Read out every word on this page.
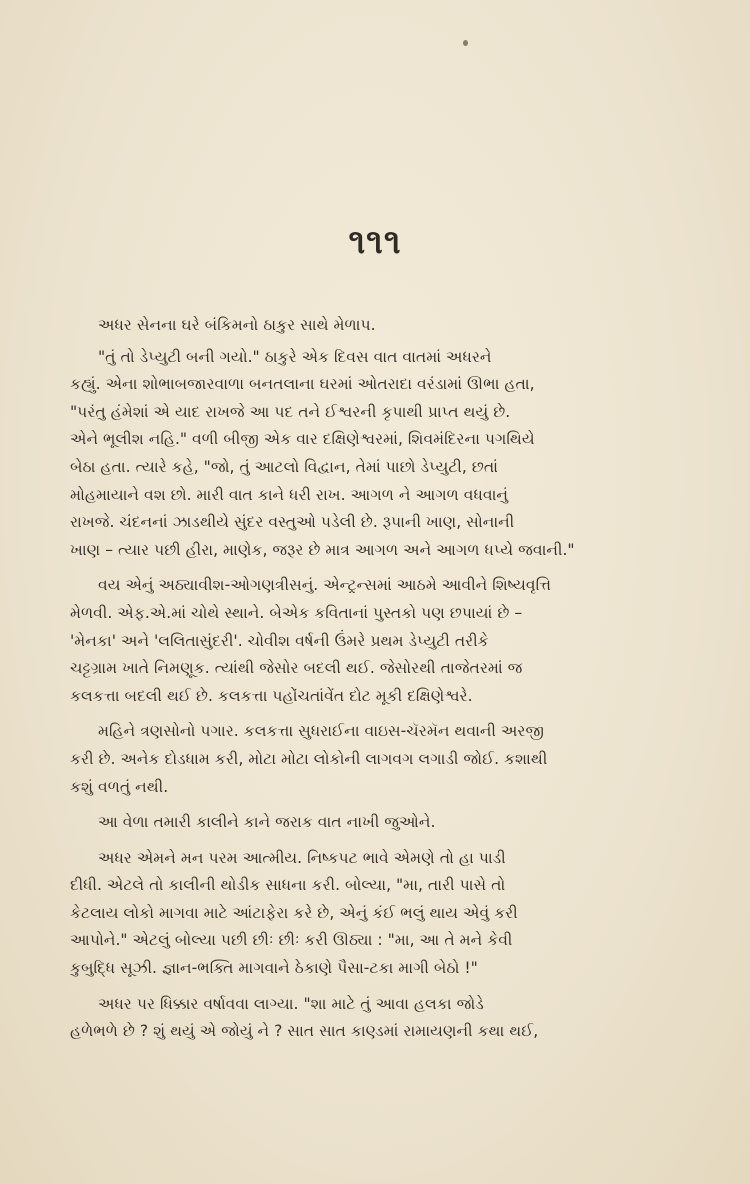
૧૧૧
અધર સેનના ઘરે બંકિમનો ઠાકુર સાથે મેળાપ.
"તું તો ડેપ્યુટી બની ગયો." ઠાકુરે એક દિવસ વાત વાતમાં અધરને
કહ્યું. એના શોભાબજારવાળા બનતલાના ઘરમાં ઓતરાદા વરંડામાં ઊભા હતા,
"પરંતુ હંમેશાં એ યાદ રાખજે આ પદ તને ઈશ્વરની કૃપાથી પ્રાપ્ત થયું છે.
એને ભૂલીશ નહિ." વળી બીજી એક વાર દક્ષિણેશ્વરમાં, શિવમંદિરના પગથિયે
બેઠા હતા. ત્યારે કહે, "જો, તું આટલો વિદ્વાન, તેમાં પાછો ડેપ્યુટી, છતાં
મોહમાયાને વશ છો. મારી વાત કાને ધરી રાખ. આગળ ને આગળ વધવાનું
રાખજે. ચંદનનાં ઝાડથીયે સુંદર વસ્તુઓ પડેલી છે. રૂપાની ખાણ, સોનાની
ખાણ – ત્યાર પછી હીરા, માણેક, જરૂર છે માત્ર આગળ અને આગળ ધપ્યે જવાની."
વય એનું અઠ્યાવીશ-ઓગણત્રીસનું. એન્ટ્રન્સમાં આઠમે આવીને શિષ્યવૃત્તિ
મેળવી. એફ.એ.માં ચોથે સ્થાને. બેએક કવિતાનાં પુસ્તકો પણ છપાયાં છે –
'મેનકા' અને 'લલિતાસુંદરી'. ચોવીશ વર્ષની ઉંમરે પ્રથમ ડેપ્યુટી તરીકે
ચટ્ટગ્રામ ખાતે નિમણૂક. ત્યાંથી જેસોર બદલી થઈ. જેસોરથી તાજેતરમાં જ
કલકત્તા બદલી થઈ છે. કલકત્તા પહોંચતાંવેંત દોટ મૂકી દક્ષિણેશ્વરે.
મહિને ત્રણસોનો પગાર. કલકત્તા સુધરાઈના વાઇસ-ચૅરમૅન થવાની અરજી
કરી છે. અનેક દોડધામ કરી, મોટા મોટા લોકોની લાગવગ લગાડી જોઈ. કશાથી
કશું વળતું નથી.
આ વેળા તમારી કાલીને કાને જરાક વાત નાખી જુઓને.
અધર એમને મન પરમ આત્મીય. નિષ્કપટ ભાવે એમણે તો હા પાડી
દીધી. એટલે તો કાલીની થોડીક સાધના કરી. બોલ્યા, "મા, તારી પાસે તો
કેટલાય લોકો માગવા માટે આંટાફેરા કરે છે, એનું કંઈ ભલું થાય એવું કરી
આપોને." એટલું બોલ્યા પછી છીઃ છીઃ કરી ઊઠ્યા : "મા, આ તે મને કેવી
કુબુદ્ધિ સૂઝી. જ્ઞાન-ભક્તિ માગવાને ઠેકાણે પૈસા-ટકા માગી બેઠો !"
અધર પર ધિક્કાર વર્ષાવવા લાગ્યા. "શા માટે તું આવા હલકા જોડે
હળેભળે છે ? શું થયું એ જોયું ને ? સાત સાત કાણ્ડમાં રામાયણની કથા થઈ,
